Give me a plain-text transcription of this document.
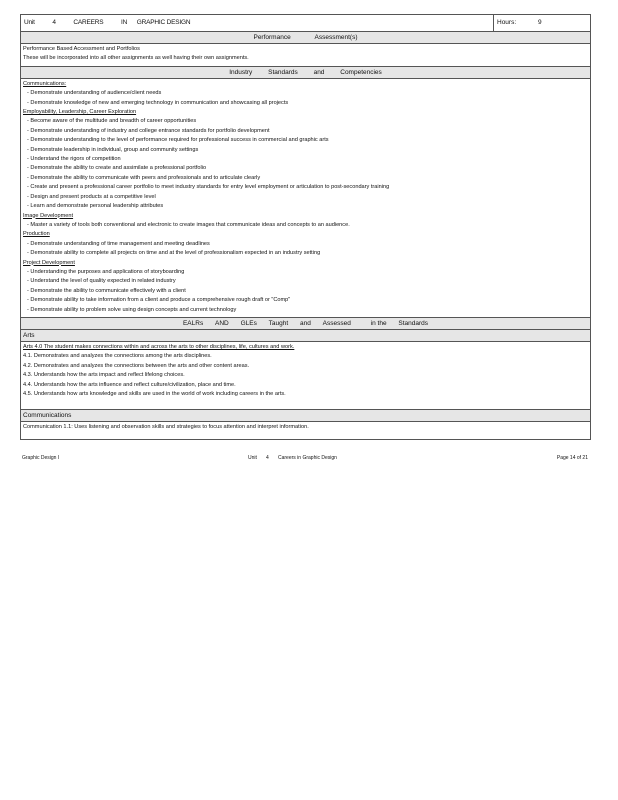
Unit	4	CAREERS	IN GRAPHIC DESIGN	Hours:	9
Performance	Assessment(s)
Performance Based Accessment and Portfolios
These will be incorporated into all other assignments as well having their own assignments.
Industry Standards and Competencies
Communications:
- Demonstrate understanding of audience/client needs
- Demonstrate knowledge of new and emerging technology in communication and showcasing all projects
Employability, Leadership, Career Exploration
- Become aware of the multitude and breadth of career opportunities
- Demonstrate understanding of industry and college entrance standards for portfolio development
- Demonstrate understanding to the level of performance required for professional success in commercial and graphic arts
- Demonstrate leadership in individual, group and community settings
- Understand the rigors of competition
- Demonstrate the ability to create and assimilate a professional portfolio
- Demonstrate the ability to communicate with peers and professionals and to articulate clearly
- Create and present a professional career portfolio to meet industry standards for entry level employment or articulation to post-secondary training
- Design and present products at a competitive level
- Learn and demonstrate personal leadership attributes
Image Development
- Master a variety of tools both conventional and electronic to create images that communicate ideas and concepts to an audience.
Production
- Demonstrate understanding of time management and meeting deadlines
- Demonstrate ability to complete all projects on time and at the level of professionalism expected in an industry setting
Project Development
- Understanding the purposes and applications of storyboarding
- Understand the level of quality expected in related industry
- Demonstrate the ability to communicate effectively with a client
- Demonstrate ability to take information from a client and produce a comprehensive rough draft or "Comp"
- Demonstrate ability to problem solve using design concepts and current technology
EALRs AND GLEs Taught and Assessed	in the Standards
Arts
Arts 4.0 The student makes connections within and across the arts to other disciplines, life, cultures and work.
4.1. Demonstrates and analyzes the connections among the arts disciplines.
4.2. Demonstrates and analyzes the connections between the arts and other content areas.
4.3. Understands how the arts impact and reflect lifelong choices.
4.4. Understands how the arts influence and reflect culture/civilization, place and time.
4.5. Understands how arts knowledge and skills are used in the world of work including careers in the arts.
Communications
Communication 1.1: Uses listening and observation skills and strategies to focus attention and interpret information.
Graphic Design I	Unit 4 Careers in Graphic Design	Page 14 of 21
